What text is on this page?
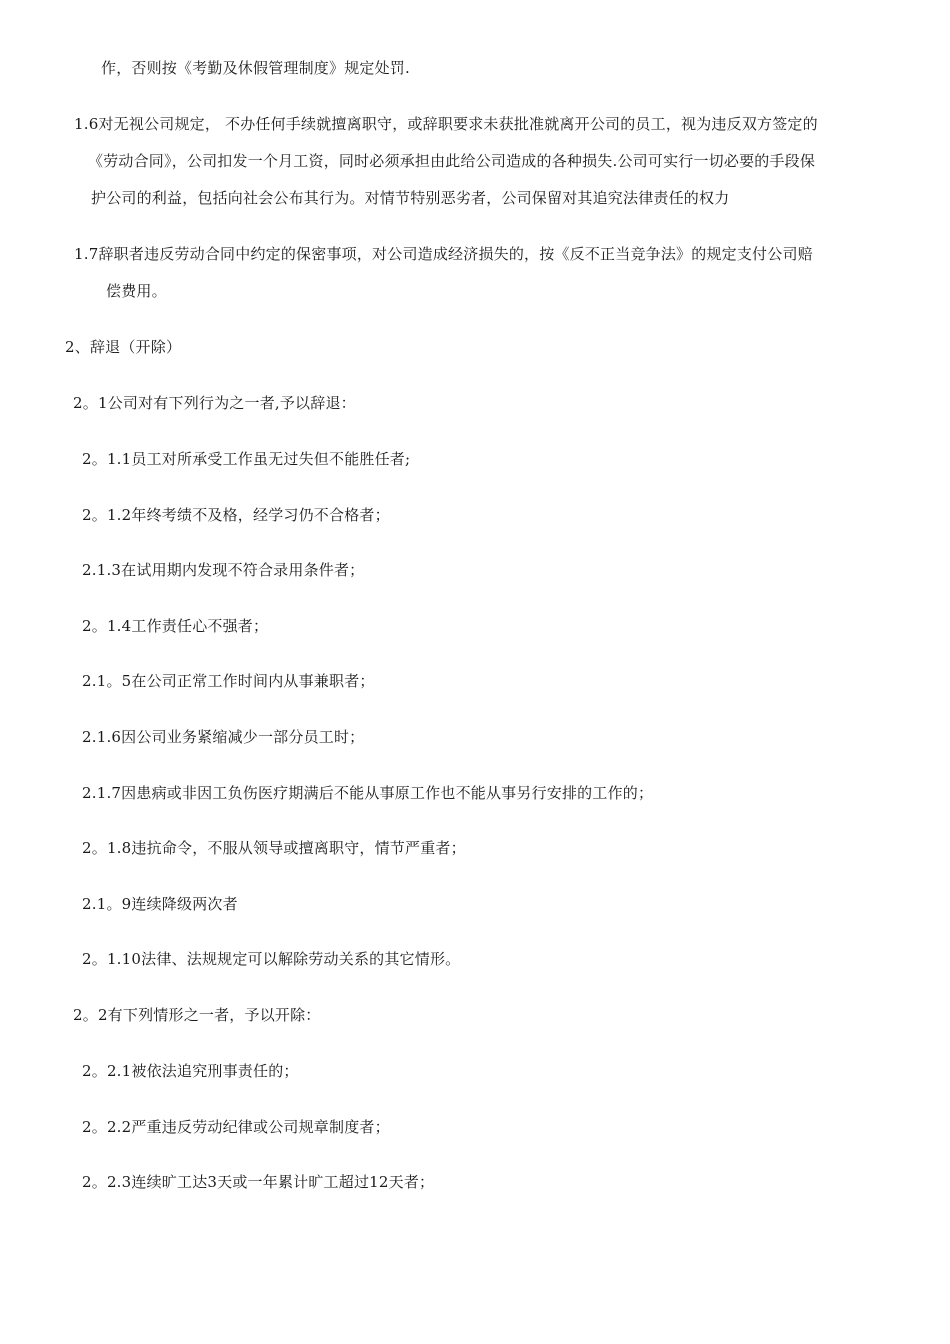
作，否则按《考勤及休假管理制度》规定处罚.
1.6对无视公司规定， 不办任何手续就擅离职守，或辞职要求未获批准就离开公司的员工，视为违反双方签定的
《劳动合同》，公司扣发一个月工资，同时必须承担由此给公司造成的各种损失.公司可实行一切必要的手段保
护公司的利益，包括向社会公布其行为。对情节特别恶劣者，公司保留对其追究法律责任的权力
1.7辞职者违反劳动合同中约定的保密事项，对公司造成经济损失的，按《反不正当竞争法》的规定支付公司赔
偿费用。
2、辞退（开除）
2。1公司对有下列行为之一者,予以辞退：
2。1.1员工对所承受工作虽无过失但不能胜任者;
2。1.2年终考绩不及格，经学习仍不合格者；
2.1.3在试用期内发现不符合录用条件者；
2。1.4工作责任心不强者；
2.1。5在公司正常工作时间内从事兼职者；
2.1.6因公司业务紧缩减少一部分员工时；
2.1.7因患病或非因工负伤医疗期满后不能从事原工作也不能从事另行安排的工作的；
2。1.8违抗命令，不服从领导或擅离职守，情节严重者；
2.1。9连续降级两次者
2。1.10法律、法规规定可以解除劳动关系的其它情形。
2。2有下列情形之一者，予以开除：
2。2.1被依法追究刑事责任的；
2。2.2严重违反劳动纪律或公司规章制度者；
2。2.3连续旷工达3天或一年累计旷工超过12天者；
